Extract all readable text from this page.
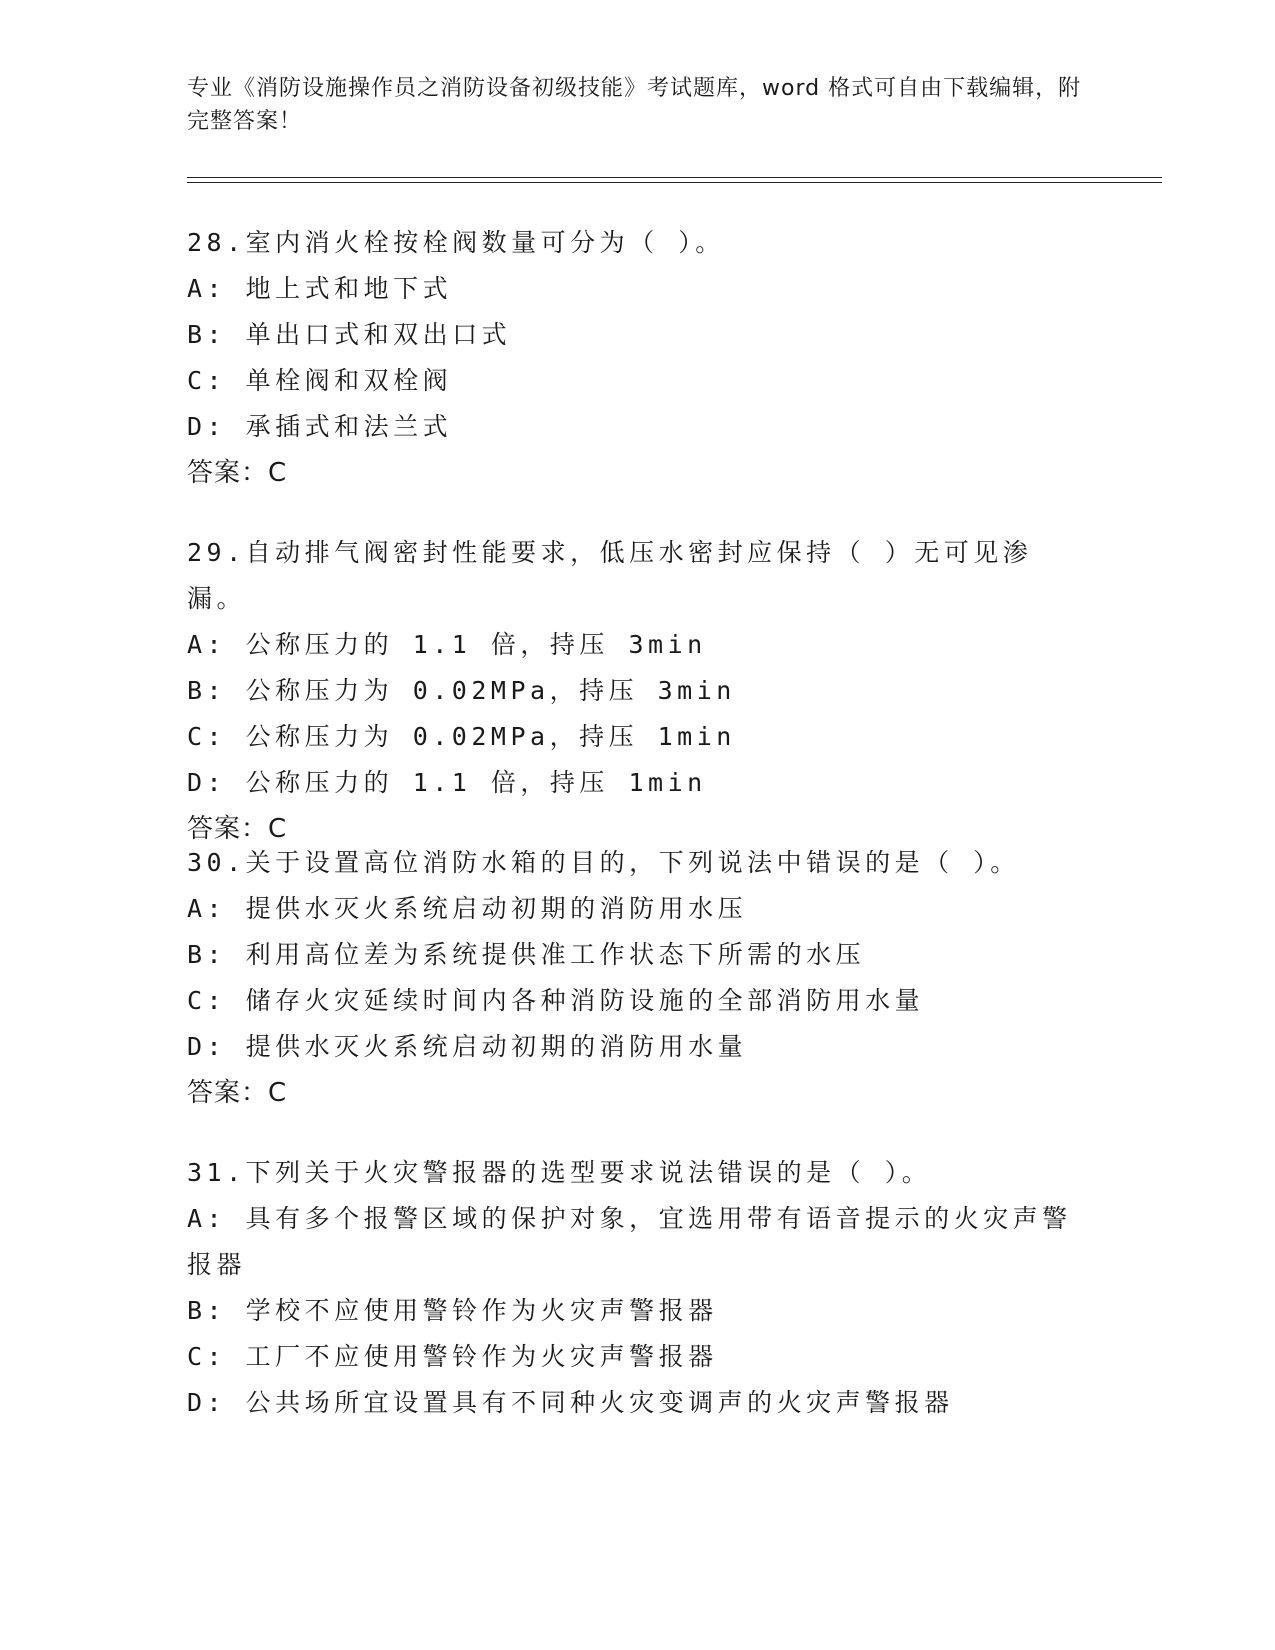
专业《消防设施操作员之消防设备初级技能》考试题库，word 格式可自由下载编辑，附完整答案！
28.室内消火栓按栓阀数量可分为（ ）。
A: 地上式和地下式
B: 单出口式和双出口式
C: 单栓阀和双栓阀
D: 承插式和法兰式
答案：C
29.自动排气阀密封性能要求，低压水密封应保持（ ）无可见渗漏。
A: 公称压力的 1.1 倍，持压 3min
B: 公称压力为 0.02MPa，持压 3min
C: 公称压力为 0.02MPa，持压 1min
D: 公称压力的 1.1 倍，持压 1min
答案：C
30.关于设置高位消防水箱的目的，下列说法中错误的是（ ）。
A: 提供水灭火系统启动初期的消防用水压
B: 利用高位差为系统提供准工作状态下所需的水压
C: 储存火灾延续时间内各种消防设施的全部消防用水量
D: 提供水灭火系统启动初期的消防用水量
答案：C
31.下列关于火灾警报器的选型要求说法错误的是（ ）。
A: 具有多个报警区域的保护对象，宜选用带有语音提示的火灾声警报器
B: 学校不应使用警铃作为火灾声警报器
C: 工厂不应使用警铃作为火灾声警报器
D: 公共场所宜设置具有不同种火灾变调声的火灾声警报器
